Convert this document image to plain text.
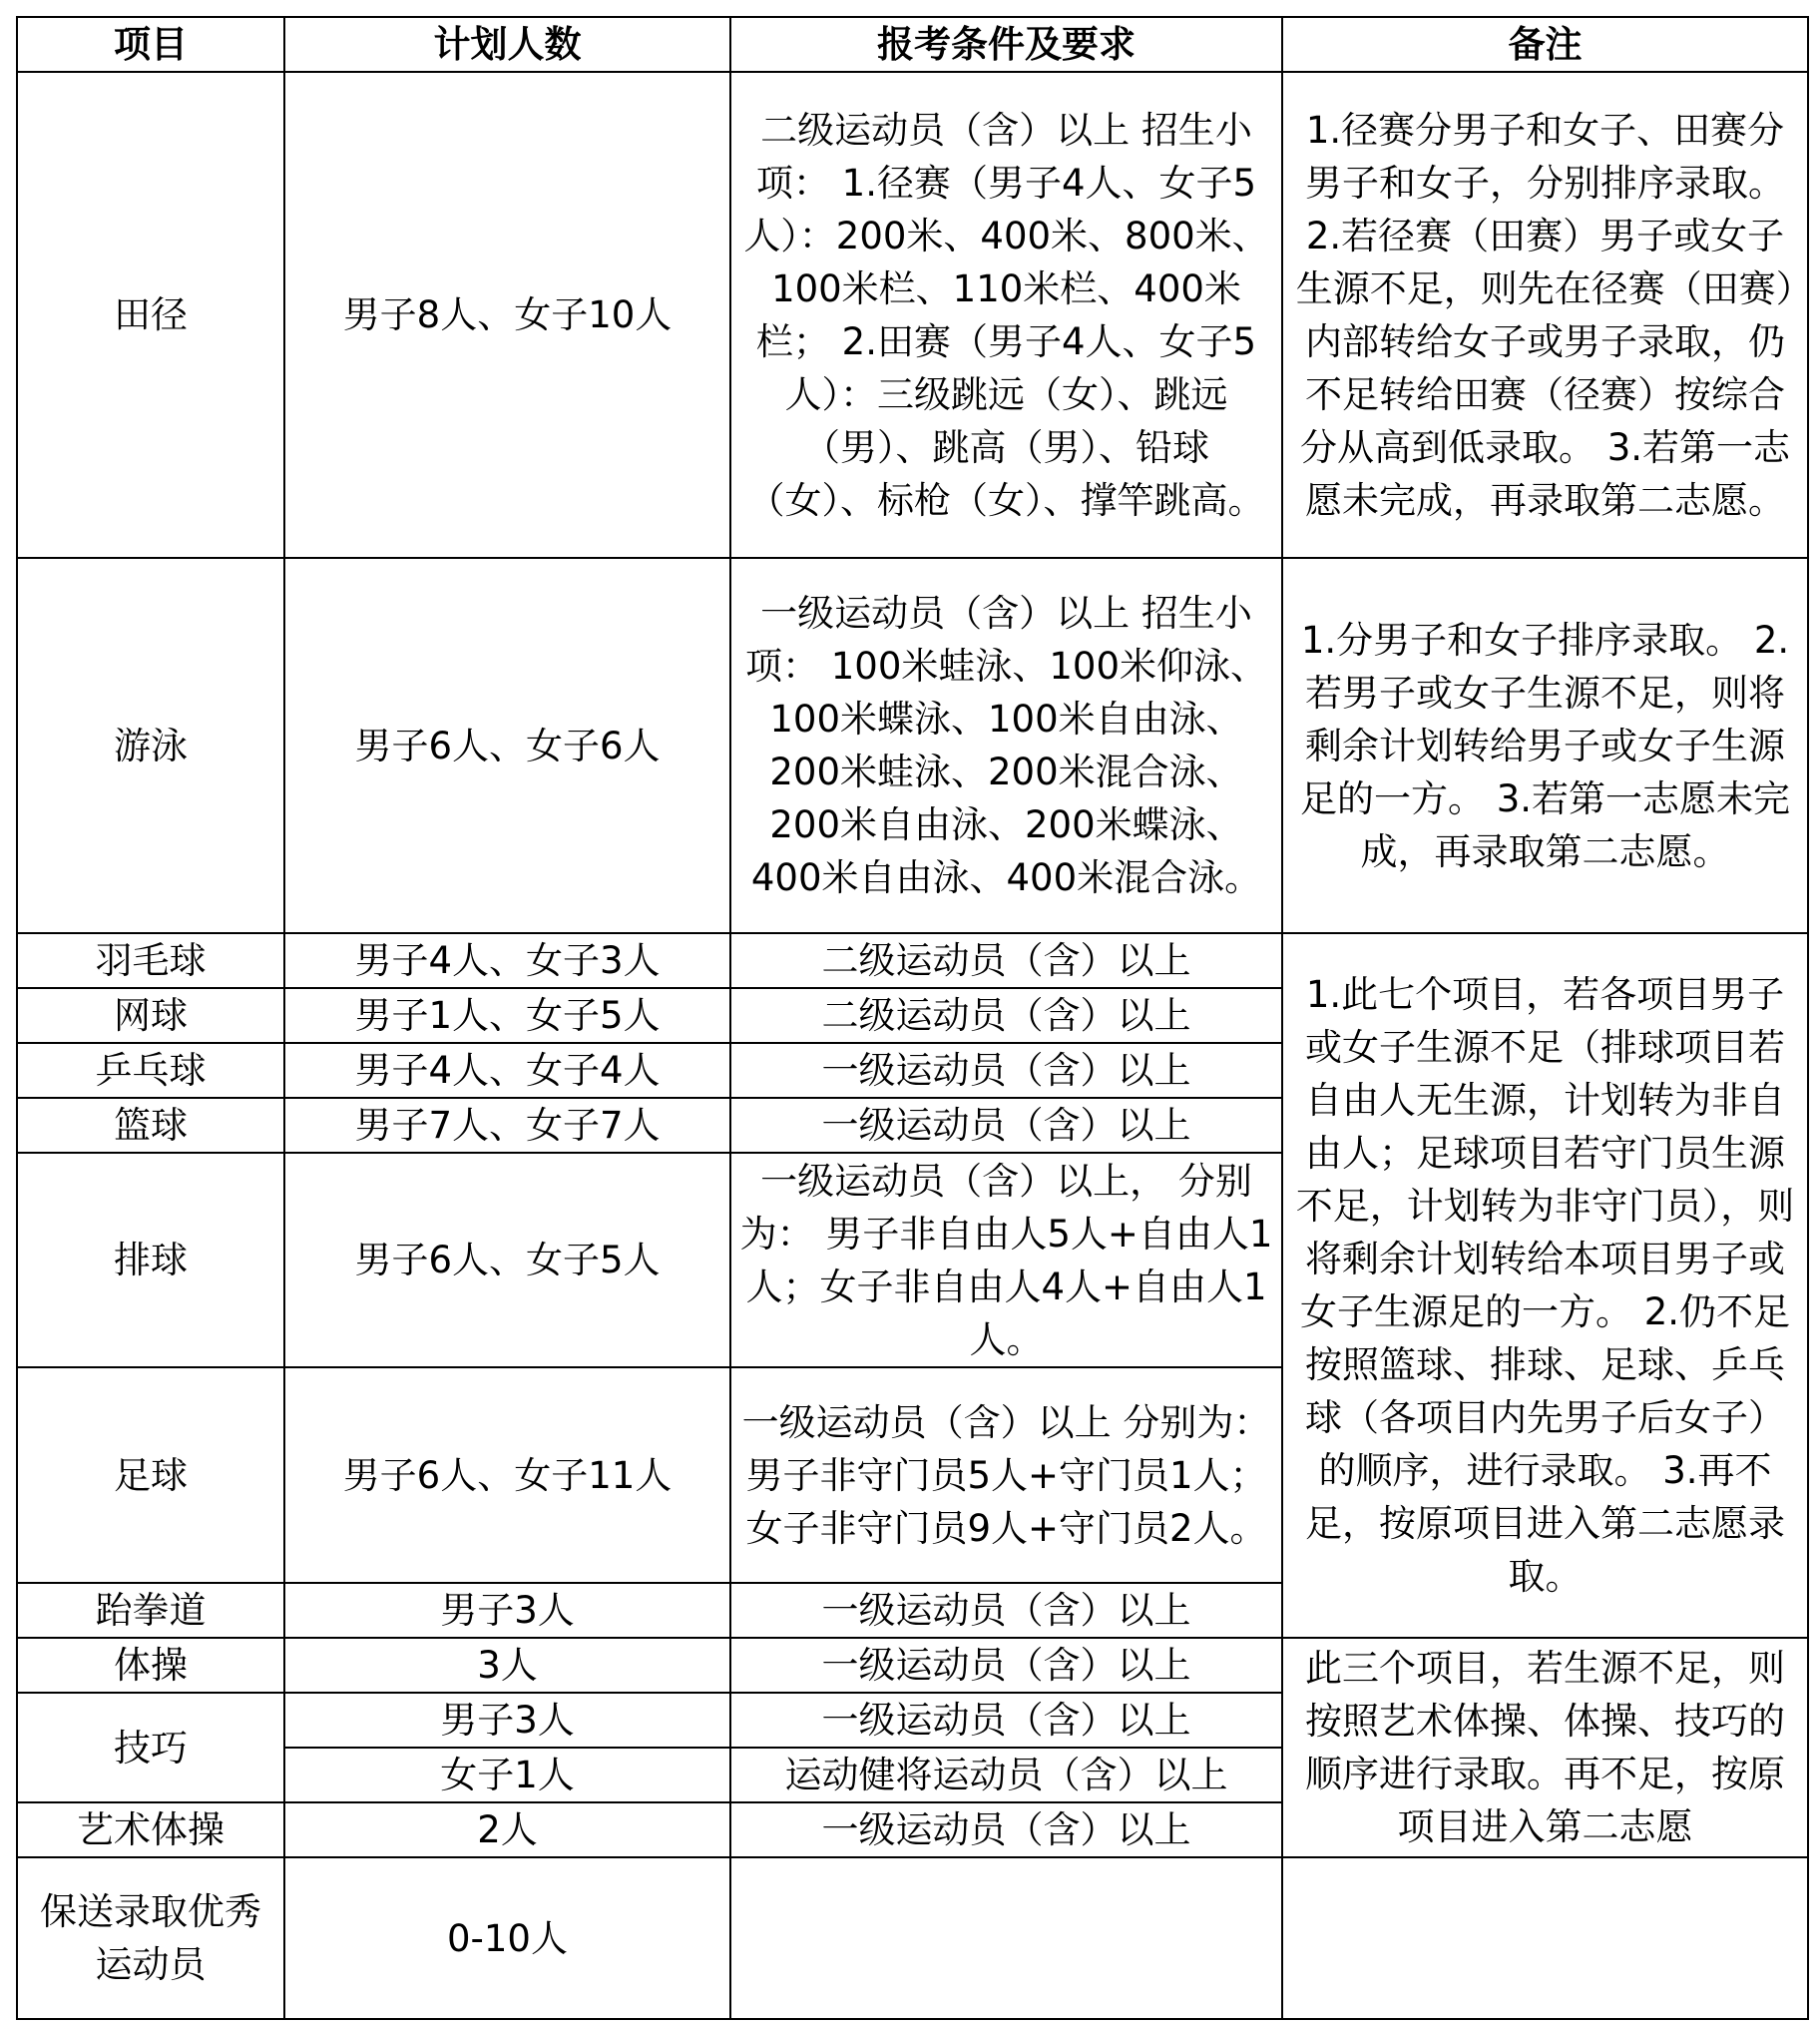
项目	计划人数	报考条件及要求	备注
田径	男子8人、女子10人	二级运动员（含）以上 招生小项： 1.径赛（男子4人、女子5人）：200米、400米、800米、100米栏、110米栏、400米栏； 2.田赛（男子4人、女子5人）：三级跳远（女）、跳远（男）、跳高（男）、铅球（女）、标枪（女）、撑竿跳高。	1.径赛分男子和女子、田赛分男子和女子，分别排序录取。 2.若径赛（田赛）男子或女子生源不足，则先在径赛（田赛）内部转给女子或男子录取，仍不足转给田赛（径赛）按综合分从高到低录取。 3.若第一志愿未完成，再录取第二志愿。
游泳	男子6人、女子6人	一级运动员（含）以上 招生小项： 100米蛙泳、100米仰泳、100米蝶泳、100米自由泳、200米蛙泳、200米混合泳、200米自由泳、200米蝶泳、400米自由泳、400米混合泳。	1.分男子和女子排序录取。 2.若男子或女子生源不足，则将剩余计划转给男子或女子生源足的一方。 3.若第一志愿未完成，再录取第二志愿。
羽毛球	男子4人、女子3人	二级运动员（含）以上	1.此七个项目，若各项目男子或女子生源不足（排球项目若自由人无生源，计划转为非自由人；足球项目若守门员生源不足，计划转为非守门员），则将剩余计划转给本项目男子或女子生源足的一方。 2.仍不足按照篮球、排球、足球、乒乓球（各项目内先男子后女子）的顺序，进行录取。 3.再不足，按原项目进入第二志愿录取。
网球	男子1人、女子5人	二级运动员（含）以上	
乒乓球	男子4人、女子4人	一级运动员（含）以上	
篮球	男子7人、女子7人	一级运动员（含）以上	
排球	男子6人、女子5人	一级运动员（含）以上， 分别为： 男子非自由人5人+自由人1人；女子非自由人4人+自由人1人。	
足球	男子6人、女子11人	一级运动员（含）以上 分别为： 男子非守门员5人+守门员1人；女子非守门员9人+守门员2人。	
跆拳道	男子3人	一级运动员（含）以上	
体操	3人	一级运动员（含）以上	此三个项目，若生源不足，则按照艺术体操、体操、技巧的顺序进行录取。再不足，按原项目进入第二志愿
技巧	男子3人	一级运动员（含）以上	
	女子1人	运动健将运动员（含）以上	
艺术体操	2人	一级运动员（含）以上	
保送录取优秀运动员	0-10人		
